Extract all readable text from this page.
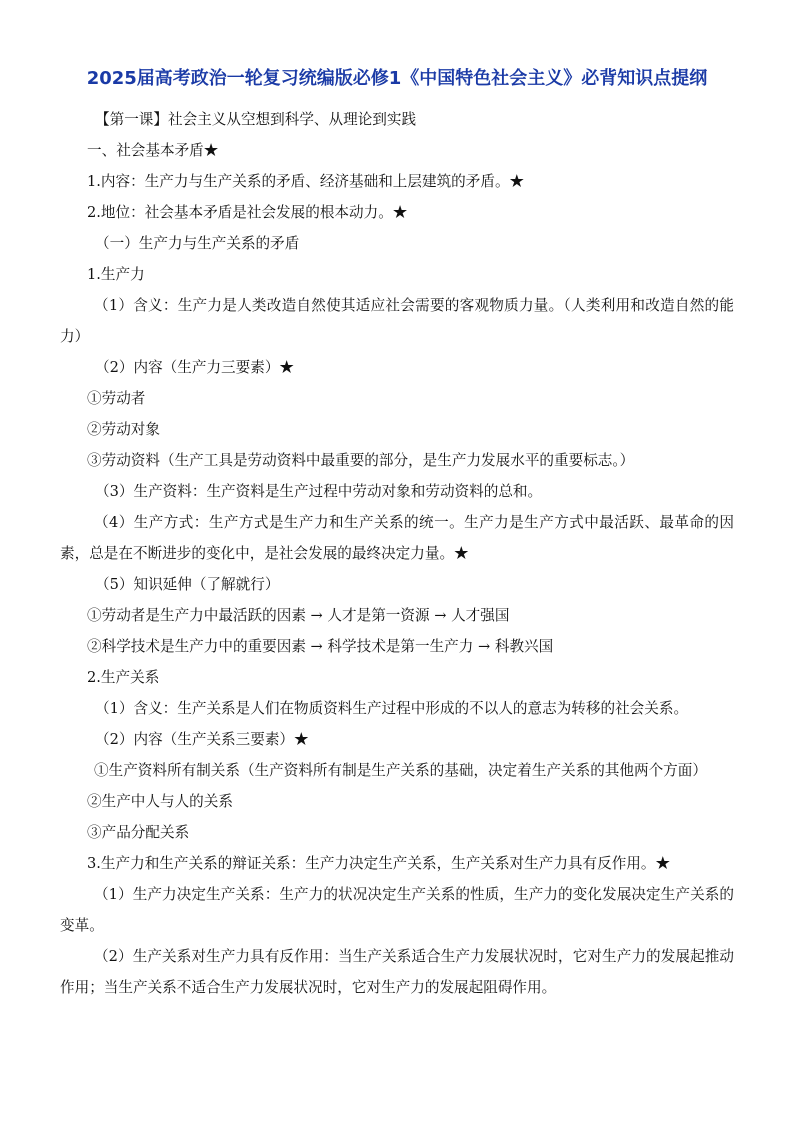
2025届高考政治一轮复习统编版必修1《中国特色社会主义》必背知识点提纲
【第一课】社会主义从空想到科学、从理论到实践
一、社会基本矛盾★
1.内容：生产力与生产关系的矛盾、经济基础和上层建筑的矛盾。★
2.地位：社会基本矛盾是社会发展的根本动力。★
（一）生产力与生产关系的矛盾
1.生产力
（1）含义：生产力是人类改造自然使其适应社会需要的客观物质力量。（人类利用和改造自然的能力）
（2）内容（生产力三要素）★
①劳动者
②劳动对象
③劳动资料（生产工具是劳动资料中最重要的部分，是生产力发展水平的重要标志。）
（3）生产资料：生产资料是生产过程中劳动对象和劳动资料的总和。
（4）生产方式：生产方式是生产力和生产关系的统一。生产力是生产方式中最活跃、最革命的因素，总是在不断进步的变化中，是社会发展的最终决定力量。★
（5）知识延伸（了解就行）
①劳动者是生产力中最活跃的因素 → 人才是第一资源 → 人才强国
②科学技术是生产力中的重要因素 → 科学技术是第一生产力 → 科教兴国
2.生产关系
（1）含义：生产关系是人们在物质资料生产过程中形成的不以人的意志为转移的社会关系。
（2）内容（生产关系三要素）★
①生产资料所有制关系（生产资料所有制是生产关系的基础，决定着生产关系的其他两个方面）
②生产中人与人的关系
③产品分配关系
3.生产力和生产关系的辩证关系：生产力决定生产关系，生产关系对生产力具有反作用。★
（1）生产力决定生产关系：生产力的状况决定生产关系的性质，生产力的变化发展决定生产关系的变革。
（2）生产关系对生产力具有反作用：当生产关系适合生产力发展状况时，它对生产力的发展起推动作用；当生产关系不适合生产力发展状况时，它对生产力的发展起阻碍作用。
